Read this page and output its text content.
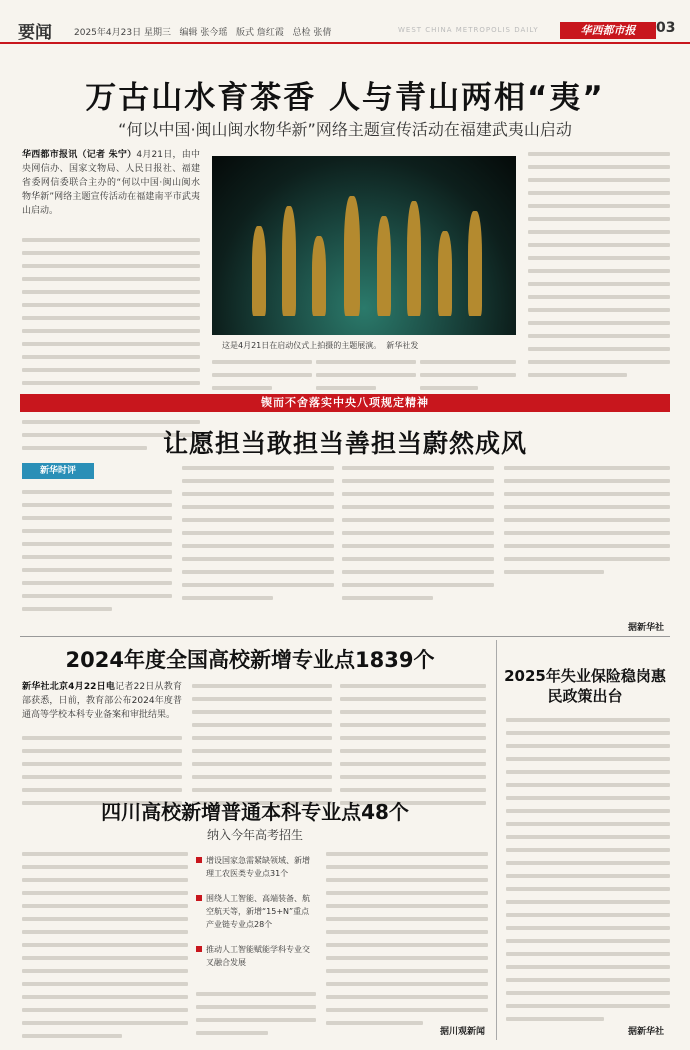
要闻 2025年4月23日 星期三 编辑 张今瑶 版式 詹红霞 总检 张倩	WEST CHINA METROPOLIS DAILY	华西都市报	03
万古山水育茶香 人与青山两相“夷”
“何以中国·闽山闽水物华新”网络主题宣传活动在福建武夷山启动
华西都市报讯（记者 朱宁）4月21日，由中央网信办、国家文物局、人民日报社、福建省委网信委联合主办的“何以中国·闽山闽水物华新”网络主题宣传活动在福建南平市武夷山启动。
这是4月21日在启动仪式上拍摄的主题展演。 新华社发
锲而不舍落实中央八项规定精神
让愿担当敢担当善担当蔚然成风
新华时评
据新华社
2024年度全国高校新增专业点1839个
新华社北京4月22日电记者22日从教育部获悉，日前，教育部公布2024年度普通高等学校本科专业备案和审批结果。
2025年失业保险稳岗惠民政策出台
据新华社
四川高校新增普通本科专业点48个
纳入今年高考招生
增设国家急需紧缺领域、新增理工农医类专业点31个
围绕人工智能、高端装备、航空航天等，新增“15+N”重点产业链专业点28个
推动人工智能赋能学科专业交叉融合发展
据川观新闻
